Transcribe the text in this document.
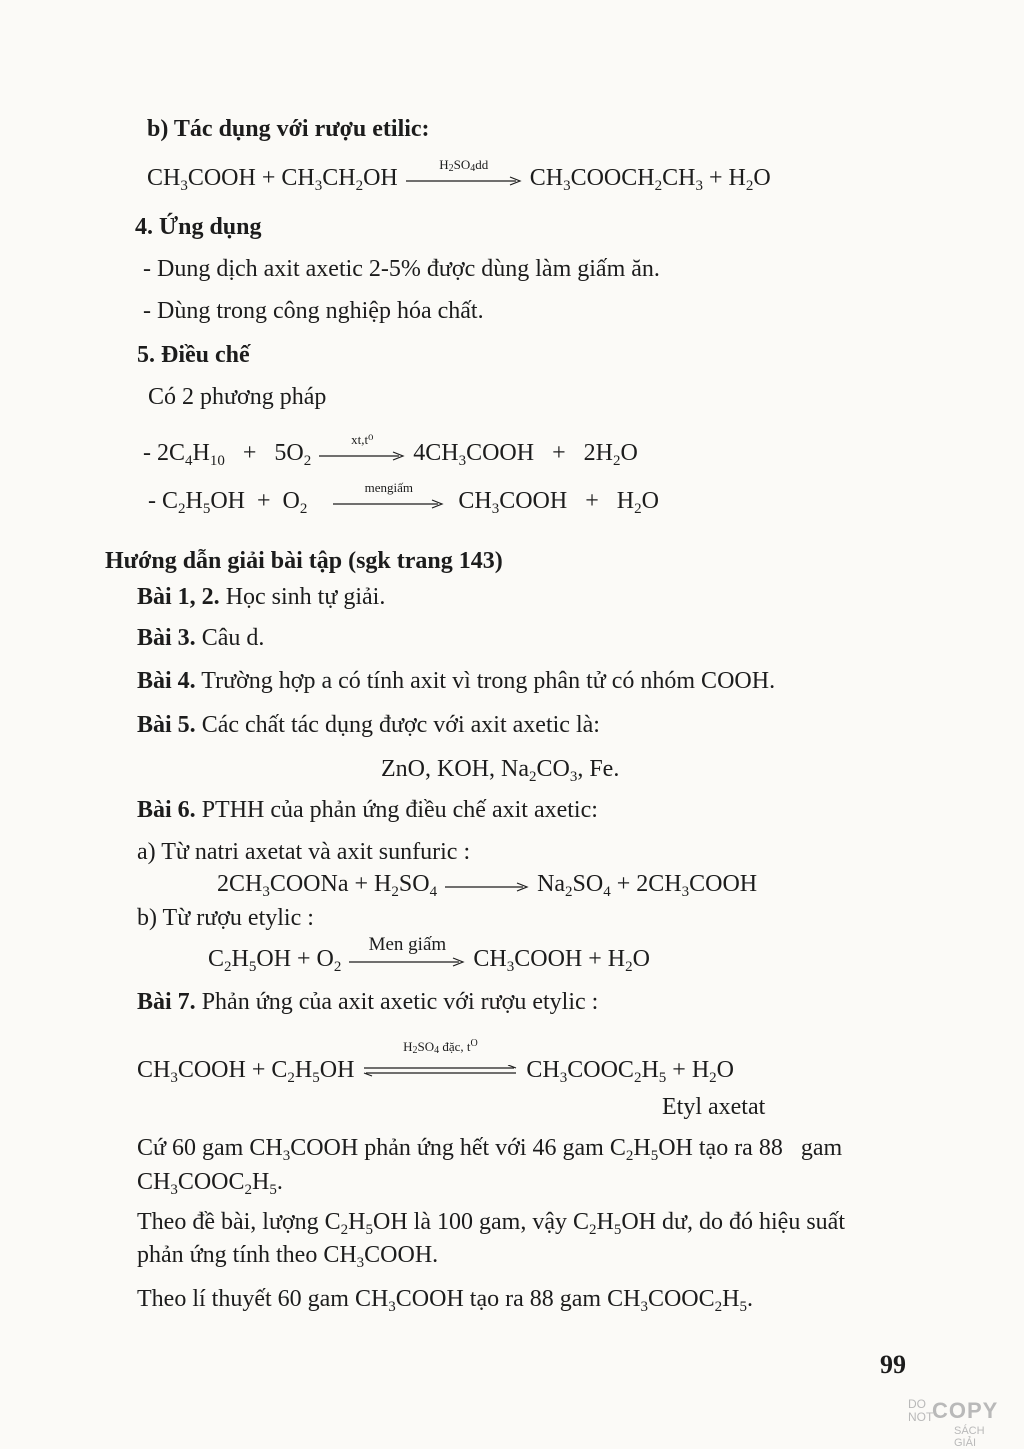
b) Tác dụng với rượu etilic:
$CH_3COOH + CH_3CH_2OH$
$H_2SO_4dd$
$CH_3COOCH_2CH_3 + H_2O$
4. Ứng dụng
- Dung dịch axit axetic 2-5% được dùng làm giấm ăn.
- Dùng trong công nghiệp hóa chất.
5. Điều chế
Có 2 phương pháp
- $2C_4H_{10} + 5O_2$
xt,t⁰
$4CH_3COOH + 2H_2O$
- $C_2H_5OH + O_2$
mengiấm
$CH_3COOH + H_2O$
Hướng dẫn giải bài tập (sgk trang 143)
Bài 1, 2. Học sinh tự giải.
Bài 3. Câu d.
Bài 4. Trường hợp a có tính axit vì trong phân tử có nhóm COOH.
Bài 5. Các chất tác dụng được với axit axetic là:
ZnO, KOH, $Na_2CO_3$, Fe.
Bài 6. PTHH của phản ứng điều chế axit axetic:
a) Từ natri axetat và axit sunfuric :
$2CH_3COONa + H_2SO_4$	$Na_2SO_4$ + $2CH_3COOH$
b) Từ rượu etylic :
$C_2H_5OH + O_2$
Men giấm
$CH_3COOH + H_2O$
Bài 7. Phản ứng của axit axetic với rượu etylic :
$CH_3COOH + C_2H_5OH$
$H_2SO_4$ đặc, $t^O$
$CH_3COOC_2H_5 + H_2O$
Etyl axetat
Cứ 60 gam $CH_3COOH$ phản ứng hết với 46 gam $C_2H_5OH$ tạo ra 88   gam
$CH_3COOC_2H_5$.
Theo đề bài, lượng $C_2H_5OH$ là 100 gam, vậy $C_2H_5OH$ dư, do đó hiệu suất
phản ứng tính theo $CH_3COOH$.
Theo lí thuyết 60 gam $CH_3COOH$ tạo ra 88 gam $CH_3COOC_2H_5$.
99
DO
NOT
COPY
SÁCH GIẢI
